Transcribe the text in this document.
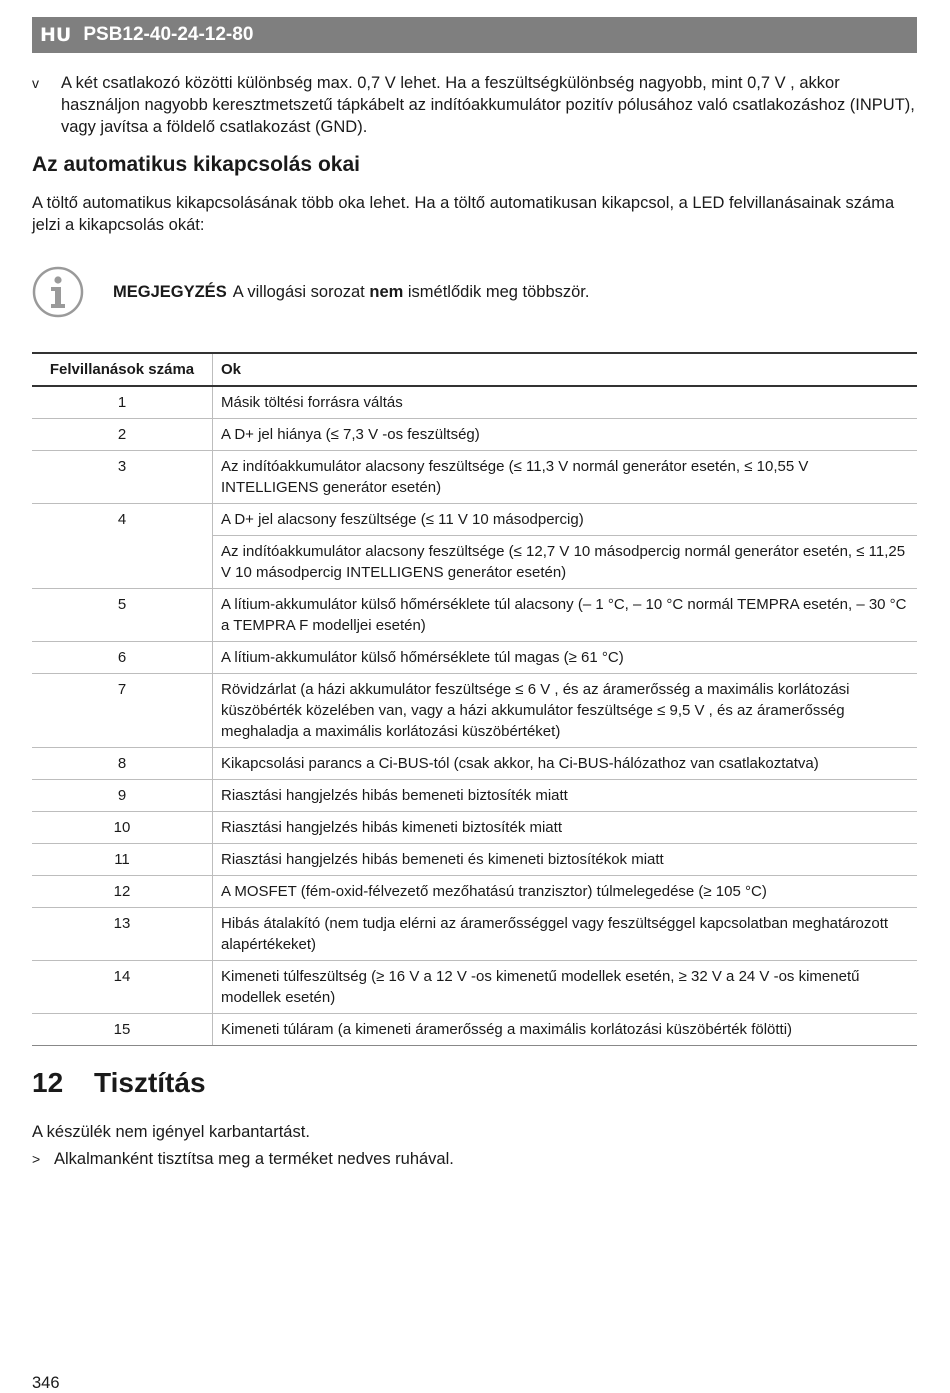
HU PSB12-40-24-12-80
v A két csatlakozó közötti különbség max. 0,7 V lehet. Ha a feszültségkülönbség nagyobb, mint 0,7 V , akkor használjon nagyobb keresztmetszetű tápkábelt az indítóakkumulátor pozitív pólusához való csatlakozáshoz (INPUT), vagy javítsa a földelő csatlakozást (GND).
Az automatikus kikapcsolás okai
A töltő automatikus kikapcsolásának több oka lehet. Ha a töltő automatikusan kikapcsol, a LED felvillanásainak száma jelzi a kikapcsolás okát:
MEGJEGYZÉS A villogási sorozat nem ismétlődik meg többször.
Felvillanások száma	Ok
1	Másik töltési forrásra váltás
2	A D+ jel hiánya (≤ 7,3 V -os feszültség)
3	Az indítóakkumulátor alacsony feszültsége (≤ 11,3 V normál generátor esetén, ≤ 10,55 V INTELLIGENS generátor esetén)
4	A D+ jel alacsony feszültsége (≤ 11 V 10 másodpercig)
	Az indítóakkumulátor alacsony feszültsége (≤ 12,7 V 10 másodpercig normál generátor esetén, ≤ 11,25 V 10 másodpercig INTELLIGENS generátor esetén)
5	A lítium-akkumulátor külső hőmérséklete túl alacsony (– 1 °C, – 10 °C normál TEMPRA esetén, – 30 °C a TEMPRA F modelljei esetén)
6	A lítium-akkumulátor külső hőmérséklete túl magas (≥ 61 °C)
7	Rövidzárlat (a házi akkumulátor feszültsége ≤ 6 V , és az áramerősség a maximális korlátozási küszöbérték közelében van, vagy a házi akkumulátor feszültsége ≤ 9,5 V , és az áramerősség meghaladja a maximális korlátozási küszöbértéket)
8	Kikapcsolási parancs a Ci-BUS-tól (csak akkor, ha Ci-BUS-hálózathoz van csatlakoztatva)
9	Riasztási hangjelzés hibás bemeneti biztosíték miatt
10	Riasztási hangjelzés hibás kimeneti biztosíték miatt
11	Riasztási hangjelzés hibás bemeneti és kimeneti biztosítékok miatt
12	A MOSFET (fém-oxid-félvezető mezőhatású tranzisztor) túlmelegedése (≥ 105 °C)
13	Hibás átalakító (nem tudja elérni az áramerősséggel vagy feszültséggel kapcsolatban meghatározott alapértékeket)
14	Kimeneti túlfeszültség (≥ 16 V a 12 V -os kimenetű modellek esetén, ≥ 32 V a 24 V -os kimenetű modellek esetén)
15	Kimeneti túláram (a kimeneti áramerősség a maximális korlátozási küszöbérték fölötti)
12 Tisztítás
A készülék nem igényel karbantartást.
> Alkalmanként tisztítsa meg a terméket nedves ruhával.
346
